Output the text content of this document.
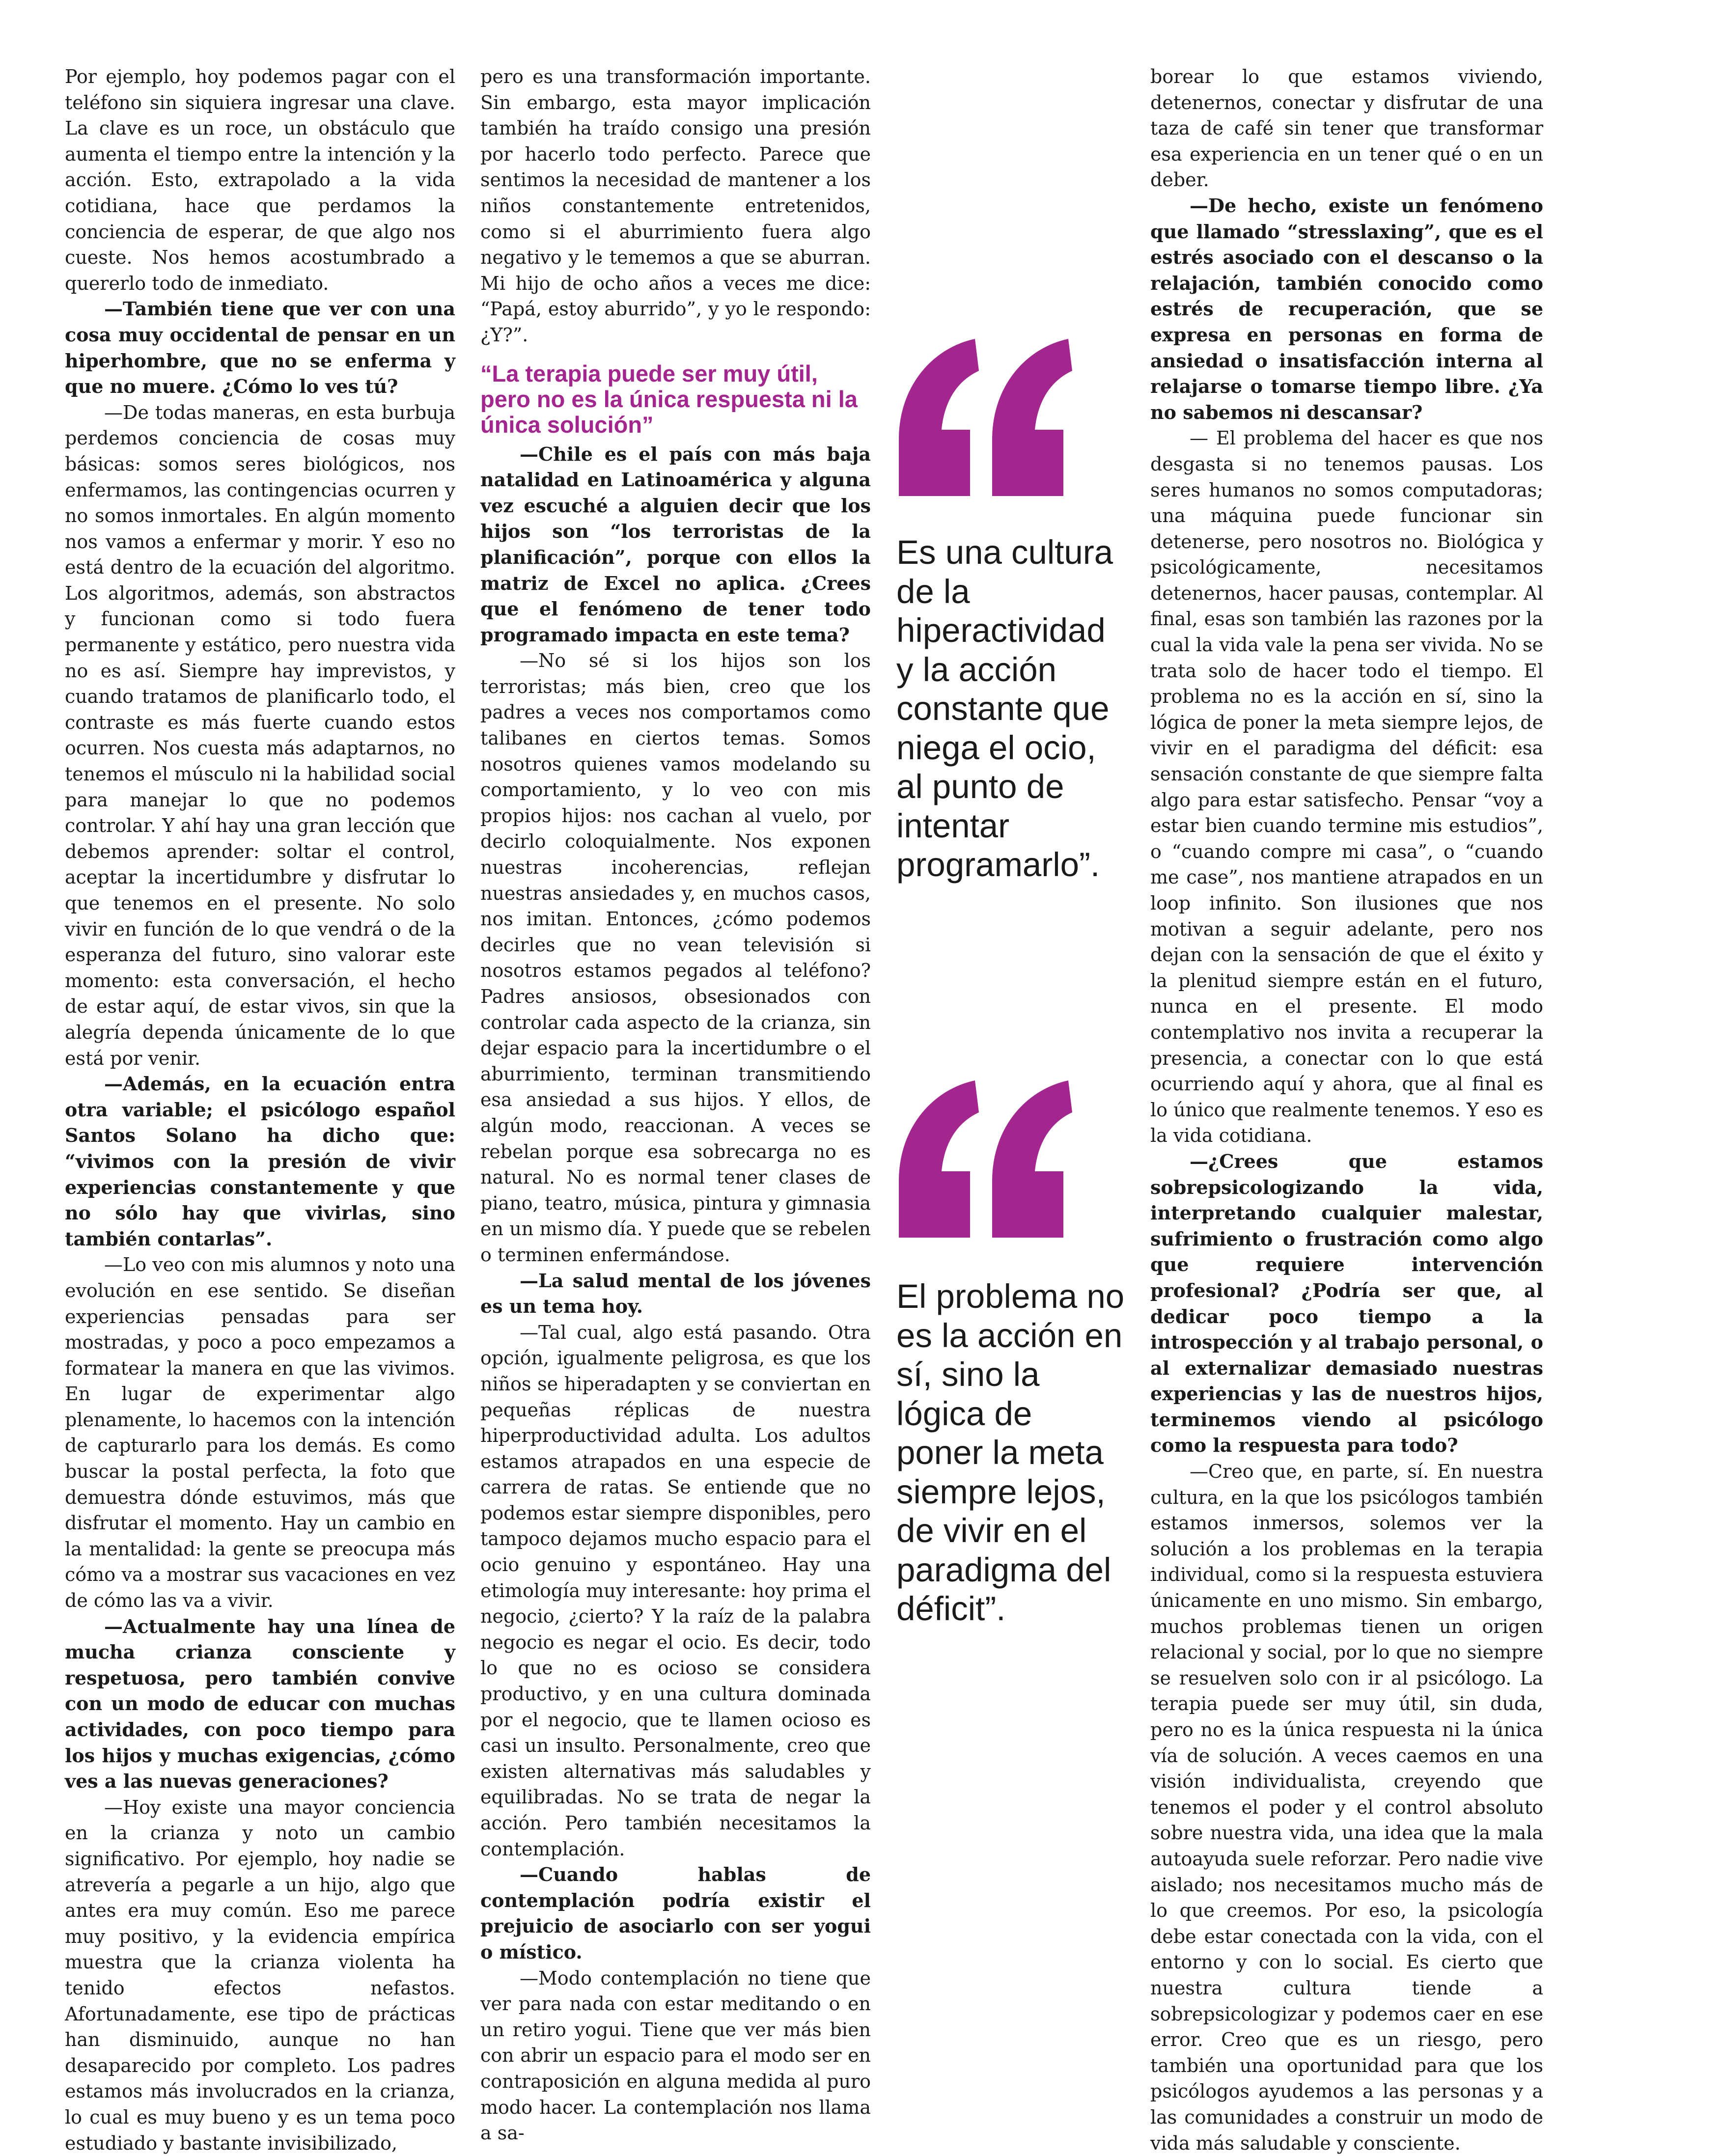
Por ejemplo, hoy podemos pagar con el teléfono sin siquiera ingresar una clave. La clave es un roce, un obstáculo que aumenta el tiempo entre la intención y la acción. Esto, extrapolado a la vida cotidiana, hace que perdamos la conciencia de esperar, de que algo nos cueste. Nos hemos acostumbrado a quererlo todo de inmediato.

—También tiene que ver con una cosa muy occidental de pensar en un hiperhombre, que no se enferma y que no muere. ¿Cómo lo ves tú?

—De todas maneras, en esta burbuja perdemos conciencia de cosas muy básicas: somos seres biológicos, nos enfermamos, las contingencias ocurren y no somos inmortales. En algún momento nos vamos a enfermar y morir. Y eso no está dentro de la ecuación del algoritmo. Los algoritmos, además, son abstractos y funcionan como si todo fuera permanente y estático, pero nuestra vida no es así. Siempre hay imprevistos, y cuando tratamos de planificarlo todo, el contraste es más fuerte cuando estos ocurren. Nos cuesta más adaptarnos, no tenemos el músculo ni la habilidad social para manejar lo que no podemos controlar. Y ahí hay una gran lección que debemos aprender: soltar el control, aceptar la incertidumbre y disfrutar lo que tenemos en el presente. No solo vivir en función de lo que vendrá o de la esperanza del futuro, sino valorar este momento: esta conversación, el hecho de estar aquí, de estar vivos, sin que la alegría dependa únicamente de lo que está por venir.

—Además, en la ecuación entra otra variable; el psicólogo español Santos Solano ha dicho que: “vivimos con la presión de vivir experiencias constantemente y que no sólo hay que vivirlas, sino también contarlas”.

—Lo veo con mis alumnos y noto una evolución en ese sentido. Se diseñan experiencias pensadas para ser mostradas, y poco a poco empezamos a formatear la manera en que las vivimos. En lugar de experimentar algo plenamente, lo hacemos con la intención de capturarlo para los demás. Es como buscar la postal perfecta, la foto que demuestra dónde estuvimos, más que disfrutar el momento. Hay un cambio en la mentalidad: la gente se preocupa más cómo va a mostrar sus vacaciones en vez de cómo las va a vivir.

—Actualmente hay una línea de mucha crianza consciente y respetuosa, pero también convive con un modo de educar con muchas actividades, con poco tiempo para los hijos y muchas exigencias, ¿cómo ves a las nuevas generaciones?

—Hoy existe una mayor conciencia en la crianza y noto un cambio significativo. Por ejemplo, hoy nadie se atrevería a pegarle a un hijo, algo que antes era muy común. Eso me parece muy positivo, y la evidencia empírica muestra que la crianza violenta ha tenido efectos nefastos. Afortunadamente, ese tipo de prácticas han disminuido, aunque no han desaparecido por completo. Los padres estamos más involucrados en la crianza, lo cual es muy bueno y es un tema poco estudiado y bastante invisibilizado,

pero es una transformación importante. Sin embargo, esta mayor implicación también ha traído consigo una presión por hacerlo todo perfecto. Parece que sentimos la necesidad de mantener a los niños constantemente entretenidos, como si el aburrimiento fuera algo negativo y le tememos a que se aburran. Mi hijo de ocho años a veces me dice: “Papá, estoy aburrido”, y yo le respondo: ¿Y?”.

“La terapia puede ser muy útil, pero no es la única respuesta ni la única solución”

—Chile es el país con más baja natalidad en Latinoamérica y alguna vez escuché a alguien decir que los hijos son “los terroristas de la planificación”, porque con ellos la matriz de Excel no aplica. ¿Crees que el fenómeno de tener todo programado impacta en este tema?

—No sé si los hijos son los terroristas; más bien, creo que los padres a veces nos comportamos como talibanes en ciertos temas. Somos nosotros quienes vamos modelando su comportamiento, y lo veo con mis propios hijos: nos cachan al vuelo, por decirlo coloquialmente. Nos exponen nuestras incoherencias, reflejan nuestras ansiedades y, en muchos casos, nos imitan. Entonces, ¿cómo podemos decirles que no vean televisión si nosotros estamos pegados al teléfono? Padres ansiosos, obsesionados con controlar cada aspecto de la crianza, sin dejar espacio para la incertidumbre o el aburrimiento, terminan transmitiendo esa ansiedad a sus hijos. Y ellos, de algún modo, reaccionan. A veces se rebelan porque esa sobrecarga no es natural. No es normal tener clases de piano, teatro, música, pintura y gimnasia en un mismo día. Y puede que se rebelen o terminen enfermándose.

—La salud mental de los jóvenes es un tema hoy.

—Tal cual, algo está pasando. Otra opción, igualmente peligrosa, es que los niños se hiperadapten y se conviertan en pequeñas réplicas de nuestra hiperproductividad adulta. Los adultos estamos atrapados en una especie de carrera de ratas. Se entiende que no podemos estar siempre disponibles, pero tampoco dejamos mucho espacio para el ocio genuino y espontáneo. Hay una etimología muy interesante: hoy prima el negocio, ¿cierto? Y la raíz de la palabra negocio es negar el ocio. Es decir, todo lo que no es ocioso se considera productivo, y en una cultura dominada por el negocio, que te llamen ocioso es casi un insulto. Personalmente, creo que existen alternativas más saludables y equilibradas. No se trata de negar la acción. Pero también necesitamos la contemplación.

—Cuando hablas de contemplación podría existir el prejuicio de asociarlo con ser yogui o místico.

—Modo contemplación no tiene que ver para nada con estar meditando o en un retiro yogui. Tiene que ver más bien con abrir un espacio para el modo ser en contraposición en alguna medida al puro modo hacer. La contemplación nos llama a sa-

Es una cultura de la hiperactividad y la acción constante que niega el ocio, al punto de intentar programarlo”.

El problema no es la acción en sí, sino la lógica de poner la meta siempre lejos, de vivir en el paradigma del déficit”.

borear lo que estamos viviendo, detenernos, conectar y disfrutar de una taza de café sin tener que transformar esa experiencia en un tener qué o en un deber.

—De hecho, existe un fenómeno que llamado “stresslaxing”, que es el estrés asociado con el descanso o la relajación, también conocido como estrés de recuperación, que se expresa en personas en forma de ansiedad o insatisfacción interna al relajarse o tomarse tiempo libre. ¿Ya no sabemos ni descansar?

— El problema del hacer es que nos desgasta si no tenemos pausas. Los seres humanos no somos computadoras; una máquina puede funcionar sin detenerse, pero nosotros no. Biológica y psicológicamente, necesitamos detenernos, hacer pausas, contemplar. Al final, esas son también las razones por la cual la vida vale la pena ser vivida. No se trata solo de hacer todo el tiempo. El problema no es la acción en sí, sino la lógica de poner la meta siempre lejos, de vivir en el paradigma del déficit: esa sensación constante de que siempre falta algo para estar satisfecho. Pensar “voy a estar bien cuando termine mis estudios”, o “cuando compre mi casa”, o “cuando me case”, nos mantiene atrapados en un loop infinito. Son ilusiones que nos motivan a seguir adelante, pero nos dejan con la sensación de que el éxito y la plenitud siempre están en el futuro, nunca en el presente. El modo contemplativo nos invita a recuperar la presencia, a conectar con lo que está ocurriendo aquí y ahora, que al final es lo único que realmente tenemos. Y eso es la vida cotidiana.

—¿Crees que estamos sobrepsicologizando la vida, interpretando cualquier malestar, sufrimiento o frustración como algo que requiere intervención profesional? ¿Podría ser que, al dedicar poco tiempo a la introspección y al trabajo personal, o al externalizar demasiado nuestras experiencias y las de nuestros hijos, terminemos viendo al psicólogo como la respuesta para todo?

—Creo que, en parte, sí. En nuestra cultura, en la que los psicólogos también estamos inmersos, solemos ver la solución a los problemas en la terapia individual, como si la respuesta estuviera únicamente en uno mismo. Sin embargo, muchos problemas tienen un origen relacional y social, por lo que no siempre se resuelven solo con ir al psicólogo. La terapia puede ser muy útil, sin duda, pero no es la única respuesta ni la única vía de solución. A veces caemos en una visión individualista, creyendo que tenemos el poder y el control absoluto sobre nuestra vida, una idea que la mala autoayuda suele reforzar. Pero nadie vive aislado; nos necesitamos mucho más de lo que creemos. Por eso, la psicología debe estar conectada con la vida, con el entorno y con lo social. Es cierto que nuestra cultura tiende a sobrepsicologizar y podemos caer en ese error. Creo que es un riesgo, pero también una oportunidad para que los psicólogos ayudemos a las personas y a las comunidades a construir un modo de vida más saludable y consciente.
